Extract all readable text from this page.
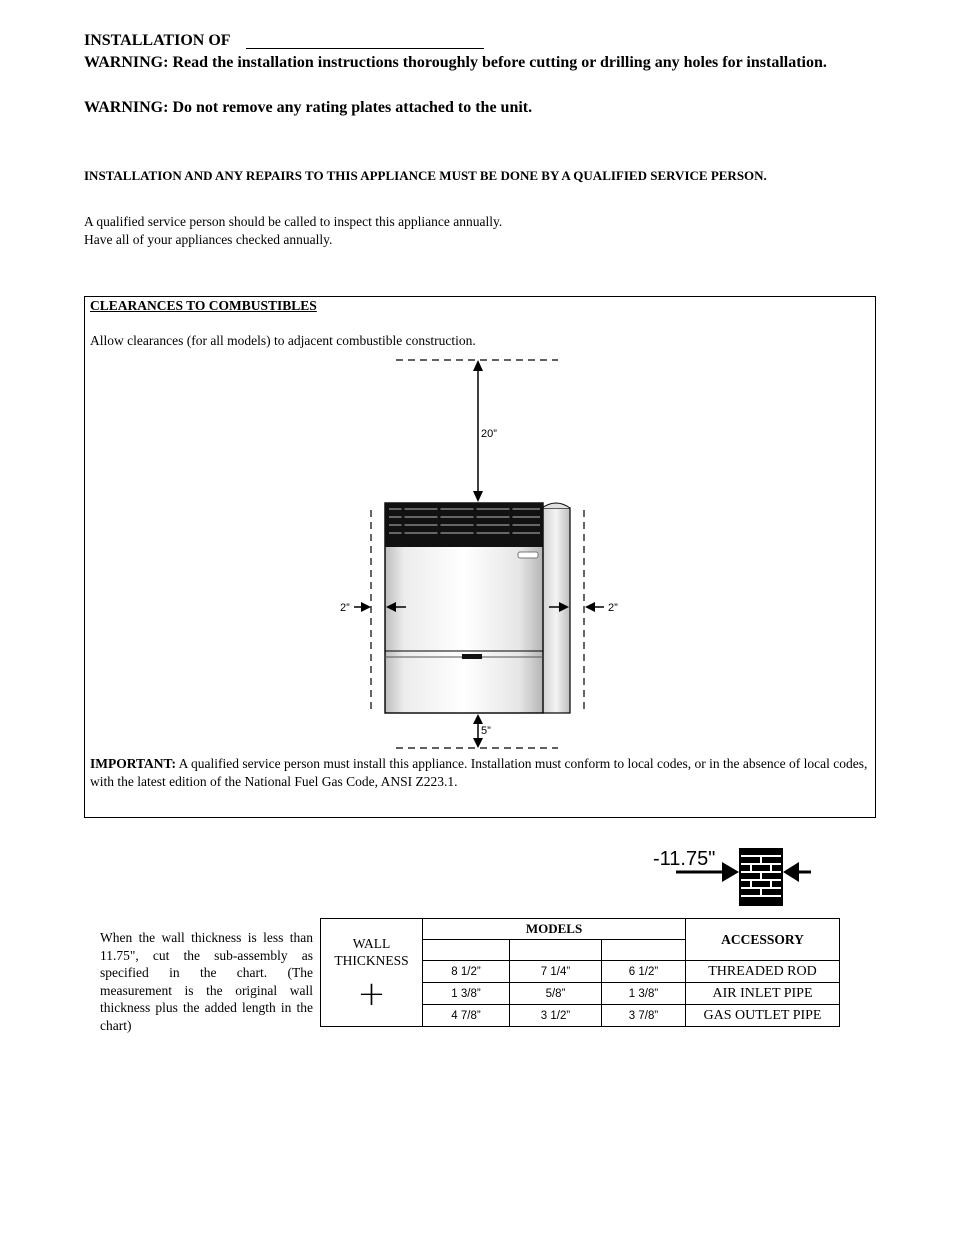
INSTALLATION OF
WARNING: Read the installation instructions thoroughly before cutting or drilling any holes for installation.
WARNING: Do not remove any rating plates attached to the unit.
INSTALLATION AND ANY REPAIRS TO THIS APPLIANCE MUST BE DONE BY A QUALIFIED SERVICE PERSON.
A qualified service person should be called to inspect this appliance annually.
Have all of your appliances checked annually.
CLEARANCES TO COMBUSTIBLES
Allow clearances (for all models) to adjacent combustible construction.
20”
2”	2”
5”
IMPORTANT: A qualified service person must install this appliance. Installation must conform to local codes, or in the absence of local codes, with the latest edition of the National Fuel Gas Code, ANSI Z223.1.
-11.75"
When the wall thickness is less than 11.75", cut the sub-assembly as specified in the chart. (The measurement is the original wall thickness plus the added length in the chart)
WALL THICKNESS
+	MODELS			ACCESSORY

	8 1/2”	7 1/4”	6 1/2”	THREADED ROD
	1 3/8”	5/8”	1 3/8”	AIR INLET PIPE
	4 7/8”	3 1/2”	3 7/8”	GAS OUTLET PIPE
